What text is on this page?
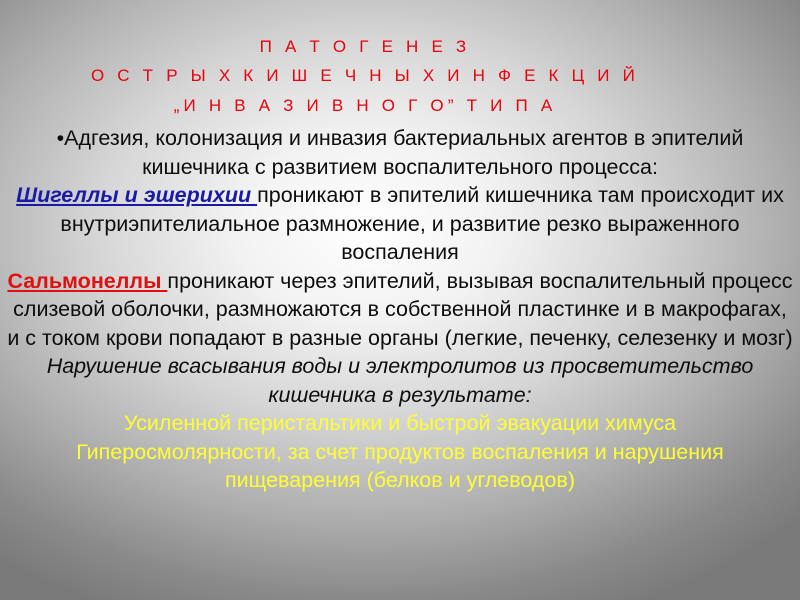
П А Т О Г Е Н Е З
О С Т Р Ы Х К И Ш Е Ч Н Ы Х И Н Ф Е К Ц И Й
„И Н В А З И В Н О Г О” Т И П А

•Адгезия, колонизация и инвазия бактериальных агентов в эпителий кишечника с развитием воспалительного процесса:

Шигеллы и эшерихии проникают в эпителий кишечника там происходит их внутриэпителиальное размножение, и развитие резко выраженного воспаления

Сальмонеллы проникают через эпителий, вызывая воспалительный процесс слизевой оболочки, размножаются в собственной пластинке и в макрофагах, и с током крови попадают в разные органы (легкие, печенку, селезенку и мозг)

Нарушение всасывания воды и электролитов из просветительство кишечника в результате:

Усиленной перистальтики и быстрой эвакуации химуса

Гиперосмолярности, за счет продуктов воспаления и нарушения пищеварения (белков и углеводов)
